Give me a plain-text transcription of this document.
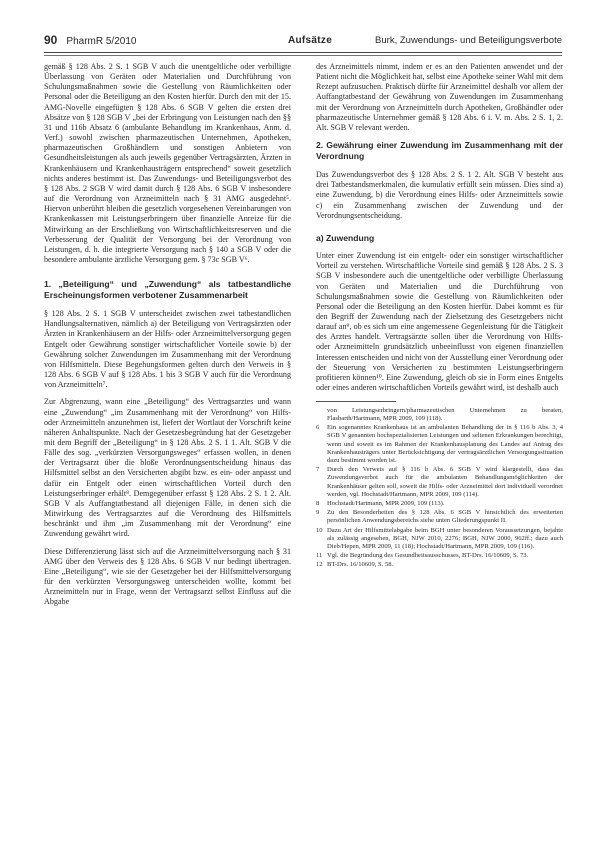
90 PharmR 5/2010	Aufsätze	Burk, Zuwendungs- und Beteiligungsverbote

gemäß § 128 Abs. 2 S. 1 SGB V auch die unentgeltliche oder verbilligte Überlassung von Geräten oder Materialien und Durchführung von Schulungsmaßnahmen sowie die Gestellung von Räumlichkeiten oder Personal oder die Beteiligung an den Kosten hierfür. Durch den mit der 15. AMG-Novelle eingefügten § 128 Abs. 6 SGB V gelten die ersten drei Absätze von § 128 SGB V „bei der Erbringung von Leistungen nach den §§ 31 und 116b Absatz 6 (ambulante Behandlung im Krankenhaus, Anm. d. Verf.) sowohl zwischen pharmazeutischen Unternehmen, Apotheken, pharmazeutischen Großhändlern und sonstigen Anbietern von Gesundheitsleistungen als auch jeweils gegenüber Vertragsärzten, Ärzten in Krankenhäusern und Krankenhausträgern entsprechend“ soweit gesetzlich nichts anderes bestimmt ist. Das Zuwendungs- und Beteiligungsverbot des § 128 Abs. 2 SGB V wird damit durch § 128 Abs. 6 SGB V insbesondere auf die Verordnung von Arzneimitteln nach § 31 AMG ausgedehnt⁵. Hiervon unberührt bleiben die gesetzlich vorgesehenen Vereinbarungen von Krankenkassen mit Leistungserbringern über finanzielle Anreize für die Mitwirkung an der Erschließung von Wirtschaftlichkeitsreserven und die Verbesserung der Qualität der Versorgung bei der Verordnung von Leistungen, d. h. die integrierte Versorgung nach § 140 a SGB V oder die besondere ambulante ärztliche Versorgung gem. § 73c SGB V⁶.

1. „Beteiligung“ und „Zuwendung“ als tatbestandliche Erscheinungsformen verbotener Zusammenarbeit

§ 128 Abs. 2 S. 1 SGB V unterscheidet zwischen zwei tatbestandlichen Handlungsalternativen, nämlich a) der Beteiligung von Vertragsärzten oder Ärzten in Krankenhäusern an der Hilfs- oder Arzneimittelversorgung gegen Entgelt oder Gewährung sonstiger wirtschaftlicher Vorteile sowie b) der Gewährung solcher Zuwendungen im Zusammenhang mit der Verordnung von Hilfsmitteln. Diese Begehungsformen gelten durch den Verweis in § 128 Abs. 6 SGB V auf § 128 Abs. 1 bis 3 SGB V auch für die Verordnung von Arzneimitteln⁷.

Zur Abgrenzung, wann eine „Beteiligung“ des Vertragsarztes und wann eine „Zuwendung“ „im Zusammenhang mit der Verordnung“ von Hilfs- oder Arzneimitteln anzunehmen ist, liefert der Wortlaut der Vorschrift keine näheren Anhaltspunkte. Nach der Gesetzesbegründung hat der Gesetzgeber mit dem Begriff der „Beteiligung“ in § 128 Abs. 2 S. 1 1. Alt. SGB V die Fälle des sog. „verkürzten Versorgungsweges“ erfassen wollen, in denen der Vertragsarzt über die bloße Verordnungsentscheidung hinaus das Hilfsmittel selbst an den Versicherten abgibt bzw. es ein- oder anpasst und dafür ein Entgelt oder einen wirtschaftlichen Vorteil durch den Leistungserbringer erhält⁸. Demgegenüber erfasst § 128 Abs. 2 S. 1 2. Alt. SGB V als Auffangtatbestand all diejenigen Fälle, in denen sich die Mitwirkung des Vertragsarztes auf die Verordnung des Hilfsmittels beschränkt und ihm „im Zusammenhang mit der Verordnung“ eine Zuwendung gewährt wird.

Diese Differenzierung lässt sich auf die Arzneimittelversorgung nach § 31 AMG über den Verweis des § 128 Abs. 6 SGB V nur bedingt übertragen. Eine „Beteiligung“, wie sie der Gesetzgeber bei der Hilfsmittelversorgung für den verkürzten Versorgungsweg unterscheiden wollte, kommt bei Arzneimitteln nur in Frage, wenn der Vertragsarzt selbst Einfluss auf die Abgabe

des Arzneimittels nimmt, indem er es an den Patienten anwendet und der Patient nicht die Möglichkeit hat, selbst eine Apotheke seiner Wahl mit dem Rezept aufzusuchen. Praktisch dürfte für Arzneimittel deshalb vor allem der Auffangtatbestand der Gewährung von Zuwendungen im Zusammenhang mit der Verordnung von Arzneimitteln durch Apotheken, Großhändler oder pharmazeutische Unternehmer gemäß § 128 Abs. 6 i. V. m. Abs. 2 S. 1, 2. Alt. SGB V relevant werden.

2. Gewährung einer Zuwendung im Zusammenhang mit der Verordnung

Das Zuwendungsverbot des § 128 Abs. 2 S. 1 2. Alt. SGB V besteht aus drei Tatbestandsmerkmalen, die kumulativ erfüllt sein müssen. Dies sind a) eine Zuwendung, b) die Verordnung eines Hilfs- oder Arzneimittels sowie c) ein Zusammenhang zwischen der Zuwendung und der Verordnungsentscheidung.

a) Zuwendung

Unter einer Zuwendung ist ein entgelt- oder ein sonstiger wirtschaftlicher Vorteil zu verstehen. Wirtschaftliche Vorteile sind gemäß § 128 Abs. 2 S. 3 SGB V insbesondere auch die unentgeltliche oder verbilligte Überlassung von Geräten und Materialien und die Durchführung von Schulungsmaßnahmen sowie die Gestellung von Räumlichkeiten oder Personal oder die Beteiligung an den Kosten hierfür. Dabei kommt es für den Begriff der Zuwendung nach der Zielsetzung des Gesetzgebers nicht darauf an⁹, ob es sich um eine angemessene Gegenleistung für die Tätigkeit des Arztes handelt. Vertragsärzte sollen über die Verordnung von Hilfs- oder Arzneimitteln grundsätzlich unbeeinflusst von eigenen finanziellen Interessen entscheiden und nicht von der Ausstellung einer Verordnung oder der Steuerung von Versicherten zu bestimmten Leistungserbringern profitieren können¹⁰. Eine Zuwendung, gleich ob sie in Form eines Entgelts oder eines anderen wirtschaftlichen Vorteils gewährt wird, ist deshalb auch

von Leistungserbringern/pharmazeutischen Unternehmen zu beraten, Flasbarth/Hartmann, MPR 2009, 109 (118).
6	Ein sogenanntes Krankenhaus ist an ambulanten Behandlung der in § 116 b Abs. 3, 4 SGB V genannten hochspezialisierten Leistungen und seltenen Erkrankungen berechtigt, wenn und soweit es im Rahmen der Krankenhausplanung des Landes auf Antrag des Krankenhausträgers unter Berücksichtigung der vertragsärztlichen Versorgungssituation dazu bestimmt worden ist.
7	Durch den Verweis auf § 116 b Abs. 6 SGB V wird klargestellt, dass das Zuwendungsverbot auch für die ambulanten Behandlungsmöglichkeiten der Krankenhäuser gelten soll, soweit die Hilfs- oder Arzneimittel dort individuell verordnet werden, vgl. Hochstadt/Hartmann, MPR 2009, 109 (114).
8	Hochstadt/Hartmann, MPR 2009, 109 (113).
9	Zu den Besonderheiten des § 128 Abs. 6 SGB V hinsichtlich des erweiterten persönlichen Anwendungsbereichs siehe unten Gliederungspunkt II.
10 Dazu Art der Hilfsmittelabgabe beim BGH unter besonderen Voraussetzungen, bejahte als zulässig angesehen, BGH, NJW 2010, 2276; BGH, NJW 2000, 962ff.; dazu auch Dieb/Hepen, MPR 2009, 11 (18); Hochstadt/Hartmann, MPR 2009, 109 (116).
11 Vgl. die Begründung des Gesundheitsausschusses, BT-Drs. 16/10609, S. 73.
12 BT-Drs. 16/10609, S. 58.
